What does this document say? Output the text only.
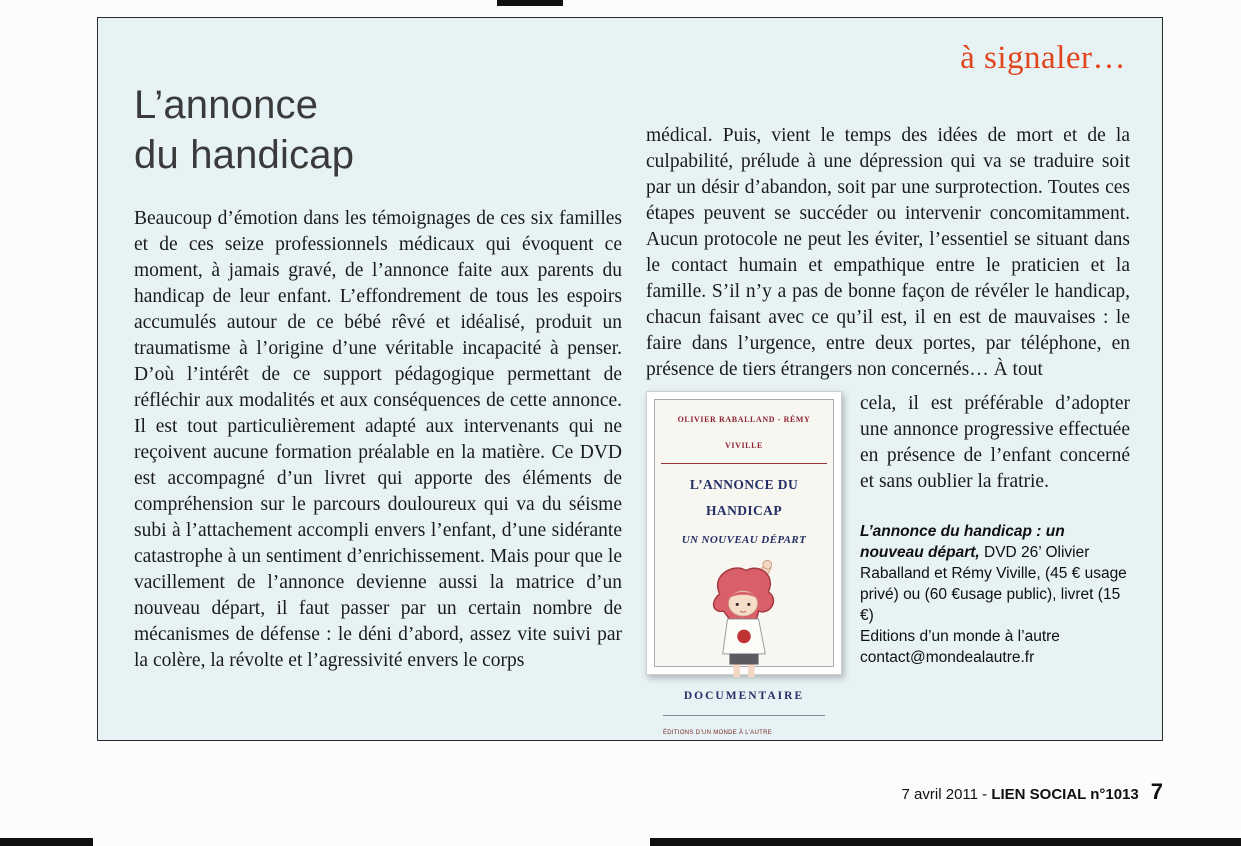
à signaler…
L’annonce
du handicap
Beaucoup d’émotion dans les témoignages de ces six familles et de ces seize professionnels médicaux qui évoquent ce moment, à jamais gravé, de l’annonce faite aux parents du handicap de leur enfant. L’effondrement de tous les espoirs accumulés autour de ce bébé rêvé et idéalisé, produit un traumatisme à l’origine d’une véritable incapacité à penser. D’où l’intérêt de ce support pédagogique permettant de réfléchir aux modalités et aux conséquences de cette annonce. Il est tout particulièrement adapté aux intervenants qui ne reçoivent aucune formation préalable en la matière. Ce DVD est accompagné d’un livret qui apporte des éléments de compréhension sur le parcours douloureux qui va du séisme subi à l’attachement accompli envers l’enfant, d’une sidérante catastrophe à un sentiment d’enrichissement. Mais pour que le vacillement de l’annonce devienne aussi la matrice d’un nouveau départ, il faut passer par un certain nombre de mécanismes de défense : le déni d’abord, assez vite suivi par la colère, la révolte et l’agressivité envers le corps
médical. Puis, vient le temps des idées de mort et de la culpabilité, prélude à une dépression qui va se traduire soit par un désir d’abandon, soit par une surprotection. Toutes ces étapes peuvent se succéder ou intervenir concomitamment. Aucun protocole ne peut les éviter, l’essentiel se situant dans le contact humain et empathique entre le praticien et la famille. S’il n’y a pas de bonne façon de révéler le handicap, chacun faisant avec ce qu’il est, il en est de mauvaises : le faire dans l’urgence, entre deux portes, par téléphone, en présence de tiers étrangers non concernés… À tout
OLIVIER RABALLAND - RÉMY VIVILLE
L’ANNONCE DU HANDICAP
UN NOUVEAU DÉPART
DOCUMENTAIRE
ÉDITIONS D’UN MONDE À L’AUTRE
cela, il est préférable d’adopter une annonce progressive effectuée en présence de l’enfant concerné et sans oublier la fratrie.
L’annonce du handicap : un nouveau départ, DVD 26’ Olivier Raballand et Rémy Viville, (45 € usage privé) ou (60 €usage public), livret (15 €)
Editions d’un monde à l’autre
contact@mondealautre.fr
7 avril 2011 - LIEN SOCIAL n°1013 7
